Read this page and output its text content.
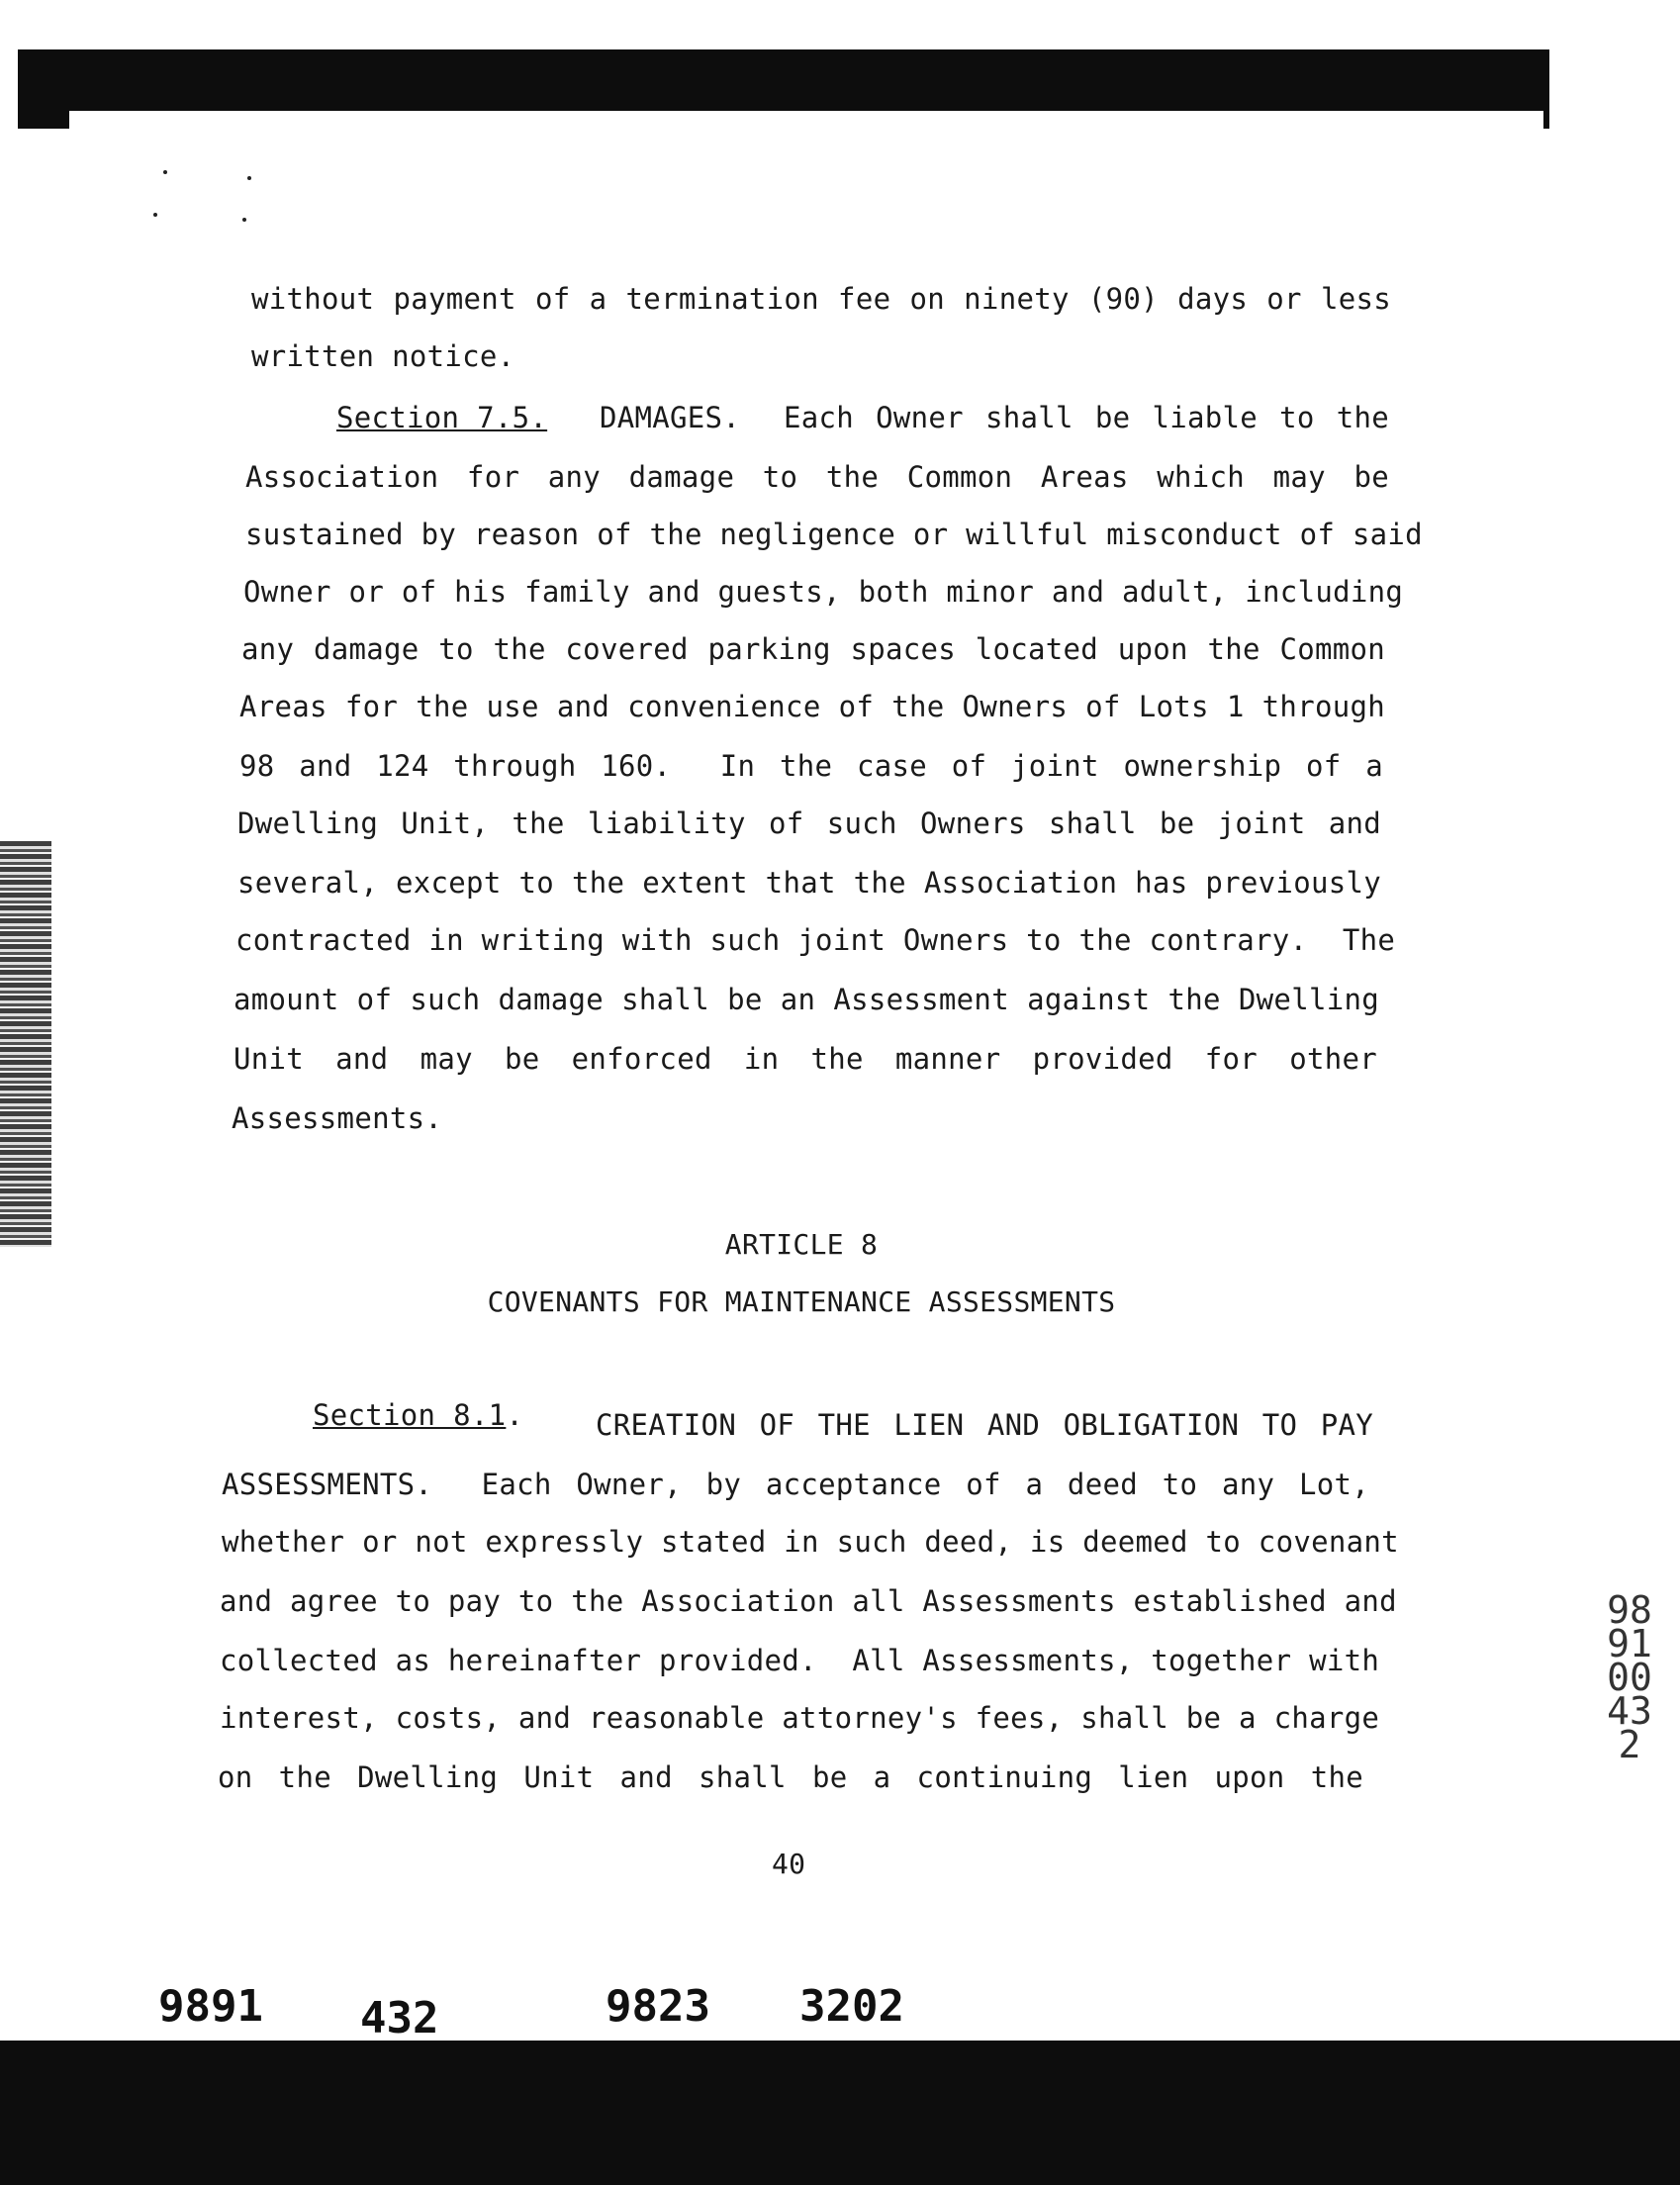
without payment of a termination fee on ninety (90) days or less
written notice.
Section 7.5. DAMAGES. Each Owner shall be liable to the
Association for any damage to the Common Areas which may be
sustained by reason of the negligence or willful misconduct of said
Owner or of his family and guests, both minor and adult, including
any damage to the covered parking spaces located upon the Common
Areas for the use and convenience of the Owners of Lots 1 through
98 and 124 through 160.  In the case of joint ownership of a
Dwelling Unit, the liability of such Owners shall be joint and
several, except to the extent that the Association has previously
contracted in writing with such joint Owners to the contrary.  The
amount of such damage shall be an Assessment against the Dwelling
Unit and may be enforced in the manner provided for other
Assessments.
ARTICLE 8
COVENANTS FOR MAINTENANCE ASSESSMENTS
Section 8.1.	CREATION OF THE LIEN AND OBLIGATION TO PAY
ASSESSMENTS.  Each Owner, by acceptance of a deed to any Lot,
whether or not expressly stated in such deed, is deemed to covenant
and agree to pay to the Association all Assessments established and
collected as hereinafter provided.  All Assessments, together with
interest, costs, and reasonable attorney's fees, shall be a charge
on the Dwelling Unit and shall be a continuing lien upon the
40
9891 432	9823 3202
989100432
